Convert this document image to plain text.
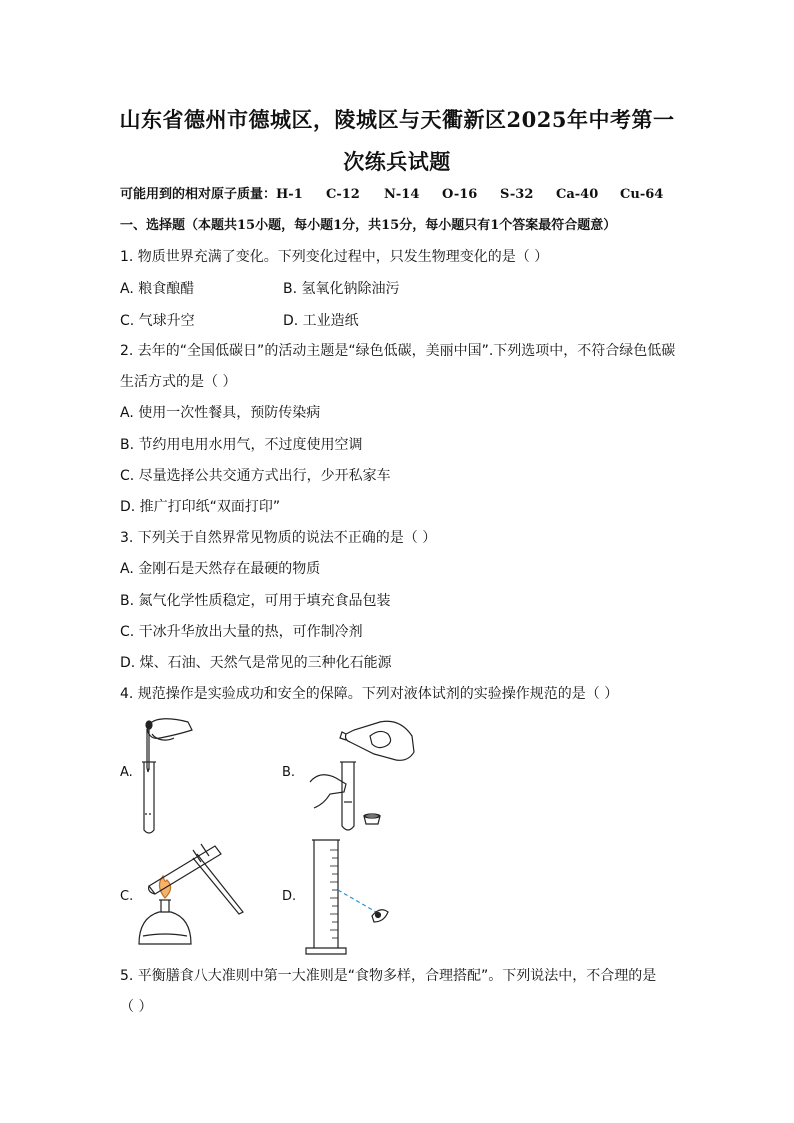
山东省德州市德城区，陵城区与天衢新区2025年中考第一
次练兵试题
可能用到的相对原子质量：H-1 C-12 N-14 O-16 S-32 Ca-40 Cu-64
一、选择题（本题共15小题，每小题1分，共15分，每小题只有1个答案最符合题意）
1. 物质世界充满了变化。下列变化过程中，只发生物理变化的是（ ）
A. 粮食酿醋	B. 氢氧化钠除油污
C. 气球升空	D. 工业造纸
2. 去年的“全国低碳日”的活动主题是“绿色低碳，美丽中国”.下列选项中，不符合绿色低碳
生活方式的是（ ）
A. 使用一次性餐具，预防传染病
B. 节约用电用水用气，不过度使用空调
C. 尽量选择公共交通方式出行，少开私家车
D. 推广打印纸“双面打印”
3. 下列关于自然界常见物质的说法不正确的是（ ）
A. 金刚石是天然存在最硬的物质
B. 氮气化学性质稳定，可用于填充食品包装
C. 干冰升华放出大量的热，可作制冷剂
D. 煤、石油、天然气是常见的三种化石能源
4. 规范操作是实验成功和安全的保障。下列对液体试剂的实验操作规范的是（ ）
A.	B.
C.	D.
5. 平衡膳食八大准则中第一大准则是“食物多样，合理搭配”。下列说法中，不合理的是
（ ）
